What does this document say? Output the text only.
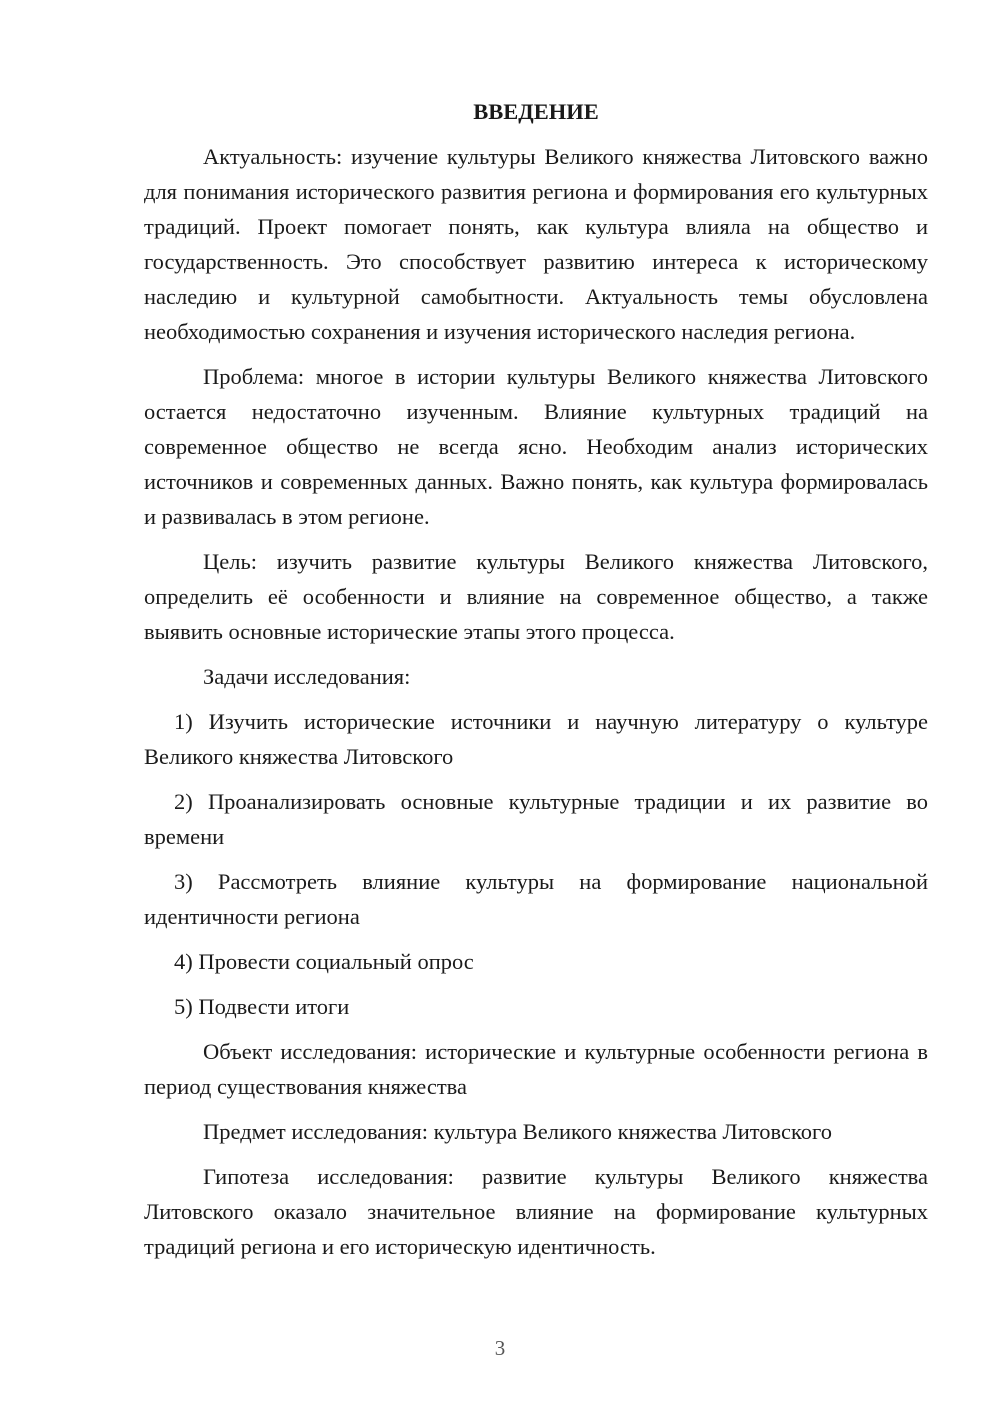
ВВЕДЕНИЕ
Актуальность: изучение культуры Великого княжества Литовского важно для понимания исторического развития региона и формирования его культурных традиций. Проект помогает понять, как культура влияла на общество и государственность. Это способствует развитию интереса к историческому наследию и культурной самобытности. Актуальность темы обусловлена необходимостью сохранения и изучения исторического наследия региона.
Проблема: многое в истории культуры Великого княжества Литовского остается недостаточно изученным. Влияние культурных традиций на современное общество не всегда ясно. Необходим анализ исторических источников и современных данных. Важно понять, как культура формировалась и развивалась в этом регионе.
Цель: изучить развитие культуры Великого княжества Литовского, определить её особенности и влияние на современное общество, а также выявить основные исторические этапы этого процесса.
Задачи исследования:
1) Изучить исторические источники и научную литературу о культуре Великого княжества Литовского
2) Проанализировать основные культурные традиции и их развитие во времени
3) Рассмотреть влияние культуры на формирование национальной идентичности региона
4) Провести социальный опрос
5) Подвести итоги
Объект исследования: исторические и культурные особенности региона в период существования княжества
Предмет исследования: культура Великого княжества Литовского
Гипотеза исследования: развитие культуры Великого княжества Литовского оказало значительное влияние на формирование культурных традиций региона и его историческую идентичность.
3
